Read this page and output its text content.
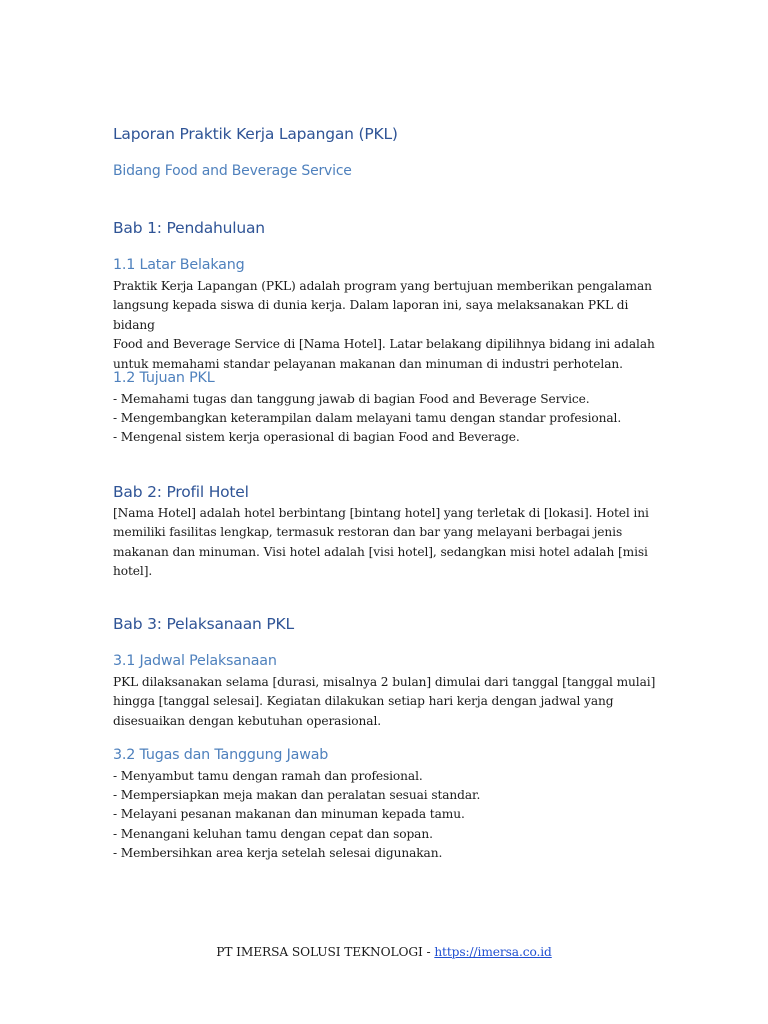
Laporan Praktik Kerja Lapangan (PKL)
Bidang Food and Beverage Service
Bab 1: Pendahuluan
1.1 Latar Belakang
Praktik Kerja Lapangan (PKL) adalah program yang bertujuan memberikan pengalaman
langsung kepada siswa di dunia kerja. Dalam laporan ini, saya melaksanakan PKL di bidang
Food and Beverage Service di [Nama Hotel]. Latar belakang dipilihnya bidang ini adalah
untuk memahami standar pelayanan makanan dan minuman di industri perhotelan.
1.2 Tujuan PKL
- Memahami tugas dan tanggung jawab di bagian Food and Beverage Service.
- Mengembangkan keterampilan dalam melayani tamu dengan standar profesional.
- Mengenal sistem kerja operasional di bagian Food and Beverage.
Bab 2: Profil Hotel
[Nama Hotel] adalah hotel berbintang [bintang hotel] yang terletak di [lokasi]. Hotel ini
memiliki fasilitas lengkap, termasuk restoran dan bar yang melayani berbagai jenis
makanan dan minuman. Visi hotel adalah [visi hotel], sedangkan misi hotel adalah [misi
hotel].
Bab 3: Pelaksanaan PKL
3.1 Jadwal Pelaksanaan
PKL dilaksanakan selama [durasi, misalnya 2 bulan] dimulai dari tanggal [tanggal mulai]
hingga [tanggal selesai]. Kegiatan dilakukan setiap hari kerja dengan jadwal yang
disesuaikan dengan kebutuhan operasional.
3.2 Tugas dan Tanggung Jawab
- Menyambut tamu dengan ramah dan profesional.
- Mempersiapkan meja makan dan peralatan sesuai standar.
- Melayani pesanan makanan dan minuman kepada tamu.
- Menangani keluhan tamu dengan cepat dan sopan.
- Membersihkan area kerja setelah selesai digunakan.
PT IMERSA SOLUSI TEKNOLOGI - https://imersa.co.id
